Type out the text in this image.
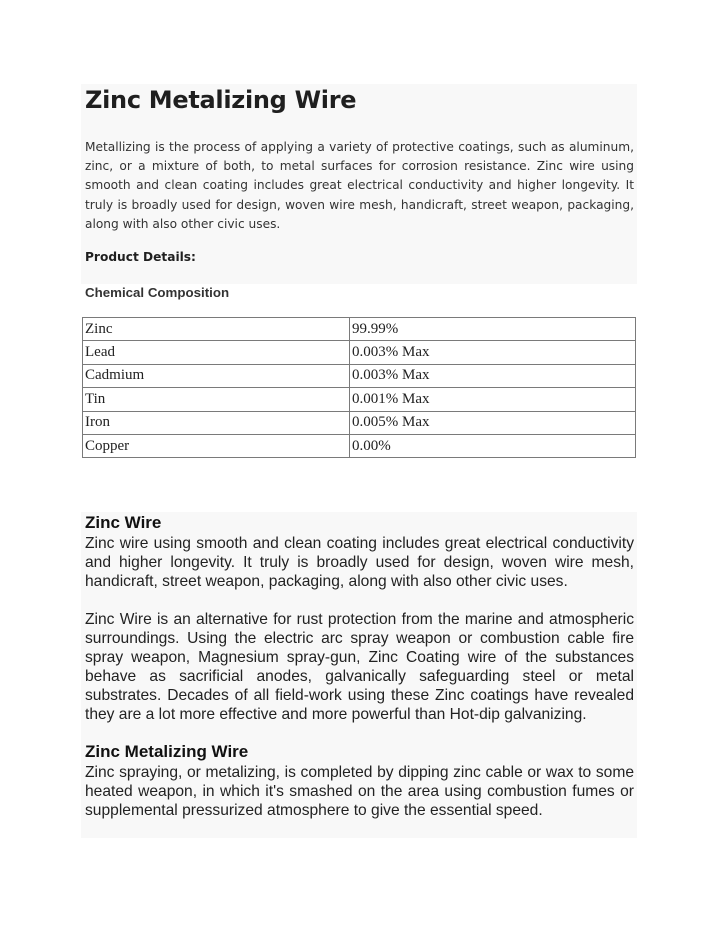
Zinc Metalizing Wire

Metallizing is the process of applying a variety of protective coatings, such as aluminum, zinc, or a mixture of both, to metal surfaces for corrosion resistance. Zinc wire using smooth and clean coating includes great electrical conductivity and higher longevity. It truly is broadly used for design, woven wire mesh, handicraft, street weapon, packaging, along with also other civic uses.

Product Details:

Chemical Composition

Zinc	99.99%
Lead	0.003% Max
Cadmium	0.003% Max
Tin	0.001% Max
Iron	0.005% Max
Copper	0.00%
Zinc Wire

Zinc wire using smooth and clean coating includes great electrical conductivity and higher longevity. It truly is broadly used for design, woven wire mesh, handicraft, street weapon, packaging, along with also other civic uses.

Zinc Wire is an alternative for rust protection from the marine and atmospheric surroundings. Using the electric arc spray weapon or combustion cable fire spray weapon, Magnesium spray-gun, Zinc Coating wire of the substances behave as sacrificial anodes, galvanically safeguarding steel or metal substrates. Decades of all field-work using these Zinc coatings have revealed they are a lot more effective and more powerful than Hot-dip galvanizing.

Zinc Metalizing Wire

Zinc spraying, or metalizing, is completed by dipping zinc cable or wax to some heated weapon, in which it's smashed on the area using combustion fumes or supplemental pressurized atmosphere to give the essential speed.
